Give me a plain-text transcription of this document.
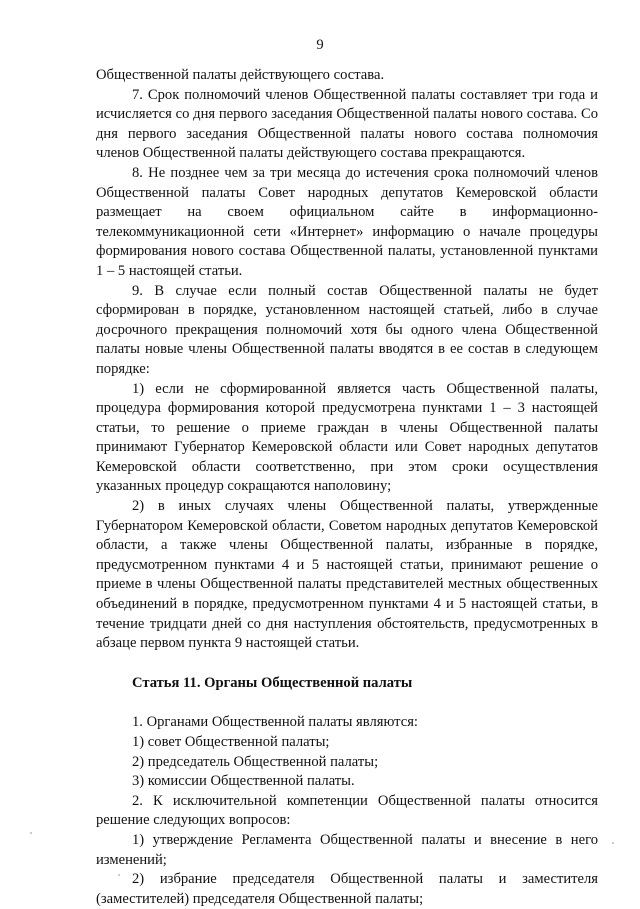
9

Общественной палаты действующего состава.

7. Срок полномочий членов Общественной палаты составляет три года и исчисляется со дня первого заседания Общественной палаты нового состава. Со дня первого заседания Общественной палаты нового состава полномочия членов Общественной палаты действующего состава прекращаются.

8. Не позднее чем за три месяца до истечения срока полномочий членов Общественной палаты Совет народных депутатов Кемеровской области размещает на своем официальном сайте в информационно-телекоммуникационной сети «Интернет» информацию о начале процедуры формирования нового состава Общественной палаты, установленной пунктами 1 – 5 настоящей статьи.

9. В случае если полный состав Общественной палаты не будет сформирован в порядке, установленном настоящей статьей, либо в случае досрочного прекращения полномочий хотя бы одного члена Общественной палаты новые члены Общественной палаты вводятся в ее состав в следующем порядке:

1) если не сформированной является часть Общественной палаты, процедура формирования которой предусмотрена пунктами 1 – 3 настоящей статьи, то решение о приеме граждан в члены Общественной палаты принимают Губернатор Кемеровской области или Совет народных депутатов Кемеровской области соответственно, при этом сроки осуществления указанных процедур сокращаются наполовину;

2) в иных случаях члены Общественной палаты, утвержденные Губернатором Кемеровской области, Советом народных депутатов Кемеровской области, а также члены Общественной палаты, избранные в порядке, предусмотренном пунктами 4 и 5 настоящей статьи, принимают решение о приеме в члены Общественной палаты представителей местных общественных объединений в порядке, предусмотренном пунктами 4 и 5 настоящей статьи, в течение тридцати дней со дня наступления обстоятельств, предусмотренных в абзаце первом пункта 9 настоящей статьи.

Статья 11. Органы Общественной палаты

1. Органами Общественной палаты являются:

1) совет Общественной палаты;

2) председатель Общественной палаты;

3) комиссии Общественной палаты.

2. К исключительной компетенции Общественной палаты относится решение следующих вопросов:

1) утверждение Регламента Общественной палаты и внесение в него изменений;

2) избрание председателя Общественной палаты и заместителя (заместителей) председателя Общественной палаты;
